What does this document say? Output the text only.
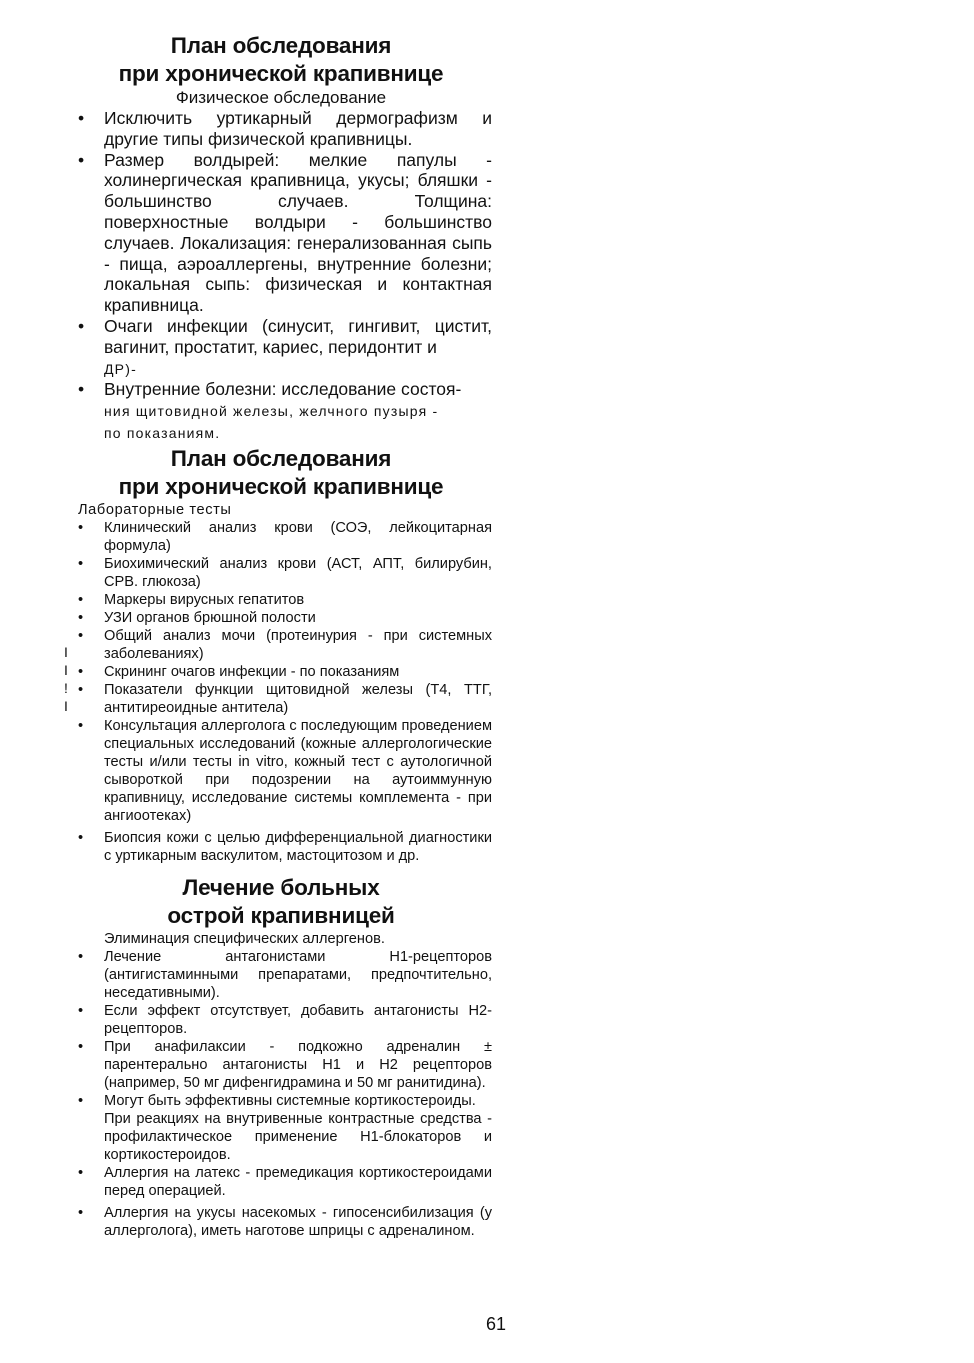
План обследования
при хронической крапивнице

Физическое обследование

• Исключить уртикарный дермографизм и другие типы физической крапивницы.
• Размер волдырей: мелкие папулы - холинергическая крапивница, укусы; бляшки - большинство случаев. Толщина: поверхностные волдыри - большинство случаев. Локализация: генерализованная сыпь - пища, аэроаллергены, внутренние болезни; локальная сыпь: физическая и контактная крапивница.
• Очаги инфекции (синусит, гингивит, цистит, вагинит, простатит, кариес, перидонтит и
ДР)-
• Внутренние болезни: исследование состоя-
ния щитовидной железы, желчного пузыря -
по показаниям.
План обследования
при хронической крапивнице

Лабораторные тесты

• Клинический анализ крови (СОЭ, лейкоцитарная формула)
• Биохимический анализ крови (АСТ, АПТ, билирубин, СРВ. глюкоза)
• Маркеры вирусных гепатитов
• УЗИ органов брюшной полости
• Общий анализ мочи (протеинурия - при системных заболеваниях)
• Скрининг очагов инфекции - по показаниям
• Показатели функции щитовидной железы (Т4, ТТГ, антитиреоидные антитела)
• Консультация аллерголога с последующим проведением специальных исследований (кожные аллергологические тесты и/или тесты in vitro, кожный тест с аутологичной сывороткой при подозрении на аутоиммунную крапивницу, исследование системы комплемента - при ангиоотеках)
• Биопсия кожи с целью дифференциальной диагностики с уртикарным васкулитом, мастоцитозом и др.
I
I
!
I
Лечение больных
острой крапивницей

Элиминация специфических аллергенов.

• Лечение антагонистами Н1-рецепторов (антигистаминными препаратами, предпочтительно, неседативными).
• Если эффект отсутствует, добавить антагонисты Н2-рецепторов.
• При анафилаксии - подкожно адреналин ± парентерально антагонисты Н1 и Н2 рецепторов (например, 50 мг дифенгидрамина и 50 мг ранитидина).
• Могут быть эффективны системные кортикостероиды.

При реакциях на внутривенные контрастные средства - профилактическое применение Н1-блокаторов и кортикостероидов.

• Аллергия на латекс - премедикация кортикостероидами перед операцией.
• Аллергия на укусы насекомых - гипосенсибилизация (у аллерголога), иметь наготове шприцы с адреналином.
61
